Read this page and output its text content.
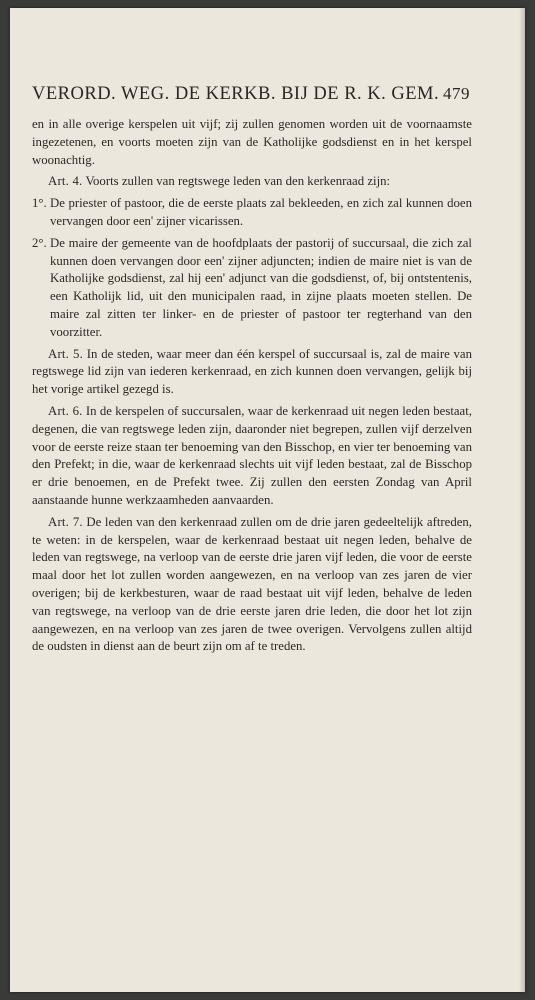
VERORD. WEG. DE KERKB. BIJ DE R. K. GEM. 479

en in alle overige kerspelen uit vijf; zij zullen genomen worden uit de voornaamste ingezetenen, en voorts moeten zijn van de Katholijke godsdienst en in het kerspel woonachtig.

Art. 4. Voorts zullen van regtswege leden van den kerkenraad zijn:

1°. De priester of pastoor, die de eerste plaats zal bekleeden, en zich zal kunnen doen vervangen door een' zijner vicarissen.

2°. De maire der gemeente van de hoofdplaats der pastorij of succursaal, die zich zal kunnen doen vervangen door een' zijner adjuncten; indien de maire niet is van de Katholijke godsdienst, zal hij een' adjunct van die godsdienst, of, bij ontstentenis, een Katholijk lid, uit den municipalen raad, in zijne plaats moeten stellen. De maire zal zitten ter linker- en de priester of pastoor ter regterhand van den voorzitter.

Art. 5. In de steden, waar meer dan één kerspel of succursaal is, zal de maire van regtswege lid zijn van iederen kerkenraad, en zich kunnen doen vervangen, gelijk bij het vorige artikel gezegd is.

Art. 6. In de kerspelen of succursalen, waar de kerkenraad uit negen leden bestaat, degenen, die van regtswege leden zijn, daaronder niet begrepen, zullen vijf derzelven voor de eerste reize staan ter benoeming van den Bisschop, en vier ter benoeming van den Prefekt; in die, waar de kerkenraad slechts uit vijf leden bestaat, zal de Bisschop er drie benoemen, en de Prefekt twee. Zij zullen den eersten Zondag van April aanstaande hunne werkzaamheden aanvaarden.

Art. 7. De leden van den kerkenraad zullen om de drie jaren gedeeltelijk aftreden, te weten: in de kerspelen, waar de kerkenraad bestaat uit negen leden, behalve de leden van regtswege, na verloop van de eerste drie jaren vijf leden, die voor de eerste maal door het lot zullen worden aangewezen, en na verloop van zes jaren de vier overigen; bij de kerkbesturen, waar de raad bestaat uit vijf leden, behalve de leden van regtswege, na verloop van de drie eerste jaren drie leden, die door het lot zijn aangewezen, en na verloop van zes jaren de twee overigen. Vervolgens zullen altijd de oudsten in dienst aan de beurt zijn om af te treden.
